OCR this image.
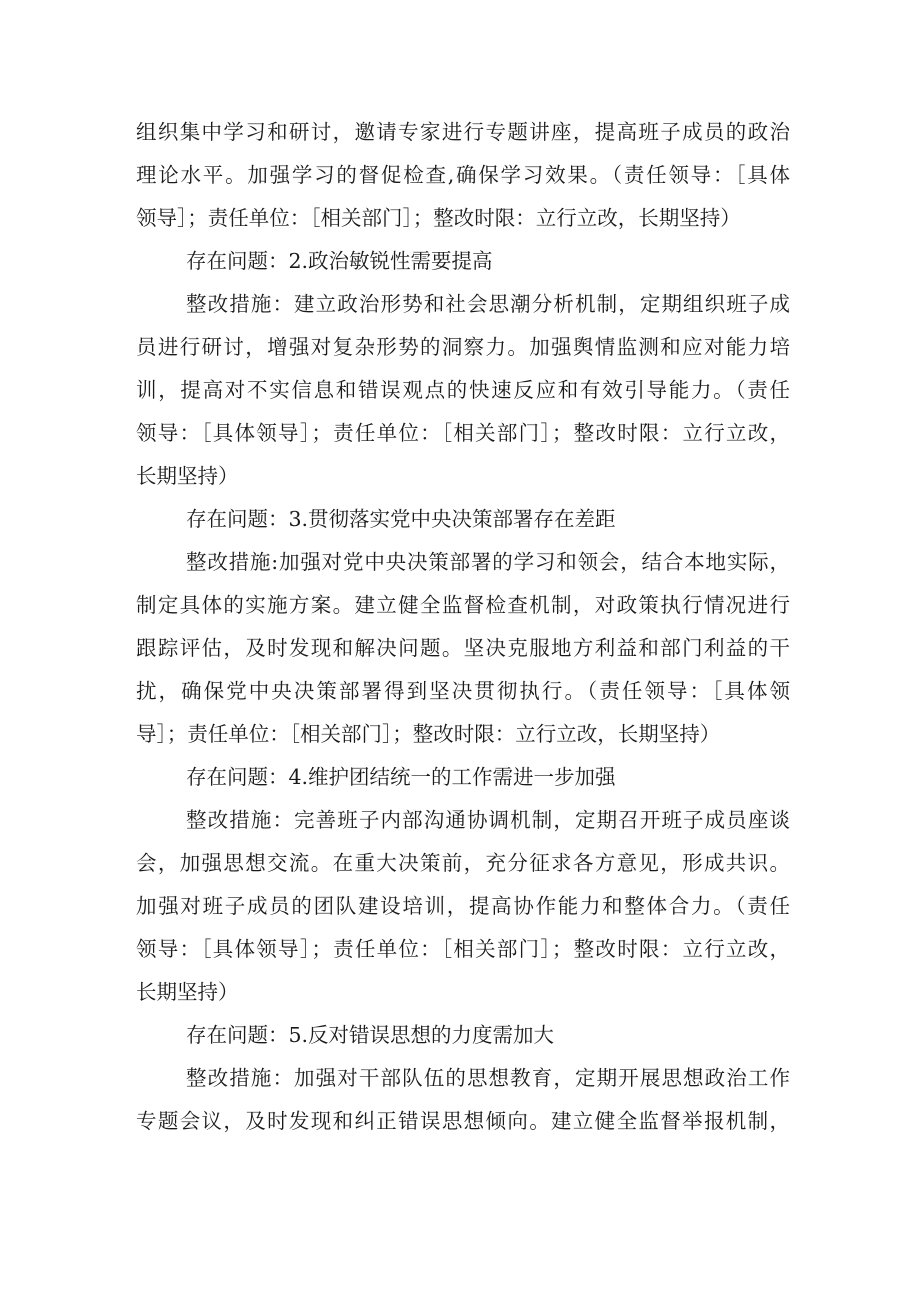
组织集中学习和研讨，邀请专家进行专题讲座，提高班子成员的政治
理论水平。加强学习的督促检查,确保学习效果。（责任领导：［具体
领导］；责任单位：［相关部门］；整改时限：立行立改，长期坚持）
存在问题：2.政治敏锐性需要提高
整改措施：建立政治形势和社会思潮分析机制，定期组织班子成
员进行研讨，增强对复杂形势的洞察力。加强舆情监测和应对能力培
训，提高对不实信息和错误观点的快速反应和有效引导能力。（责任
领导：［具体领导］；责任单位：［相关部门］；整改时限：立行立改，
长期坚持）
存在问题：3.贯彻落实党中央决策部署存在差距
整改措施:加强对党中央决策部署的学习和领会，结合本地实际，
制定具体的实施方案。建立健全监督检查机制，对政策执行情况进行
跟踪评估，及时发现和解决问题。坚决克服地方利益和部门利益的干
扰，确保党中央决策部署得到坚决贯彻执行。（责任领导：［具体领
导］；责任单位：［相关部门］；整改时限：立行立改，长期坚持）
存在问题：4.维护团结统一的工作需进一步加强
整改措施：完善班子内部沟通协调机制，定期召开班子成员座谈
会，加强思想交流。在重大决策前，充分征求各方意见，形成共识。
加强对班子成员的团队建设培训，提高协作能力和整体合力。（责任
领导：［具体领导］；责任单位：［相关部门］；整改时限：立行立改，
长期坚持）
存在问题：5.反对错误思想的力度需加大
整改措施：加强对干部队伍的思想教育，定期开展思想政治工作
专题会议，及时发现和纠正错误思想倾向。建立健全监督举报机制，
